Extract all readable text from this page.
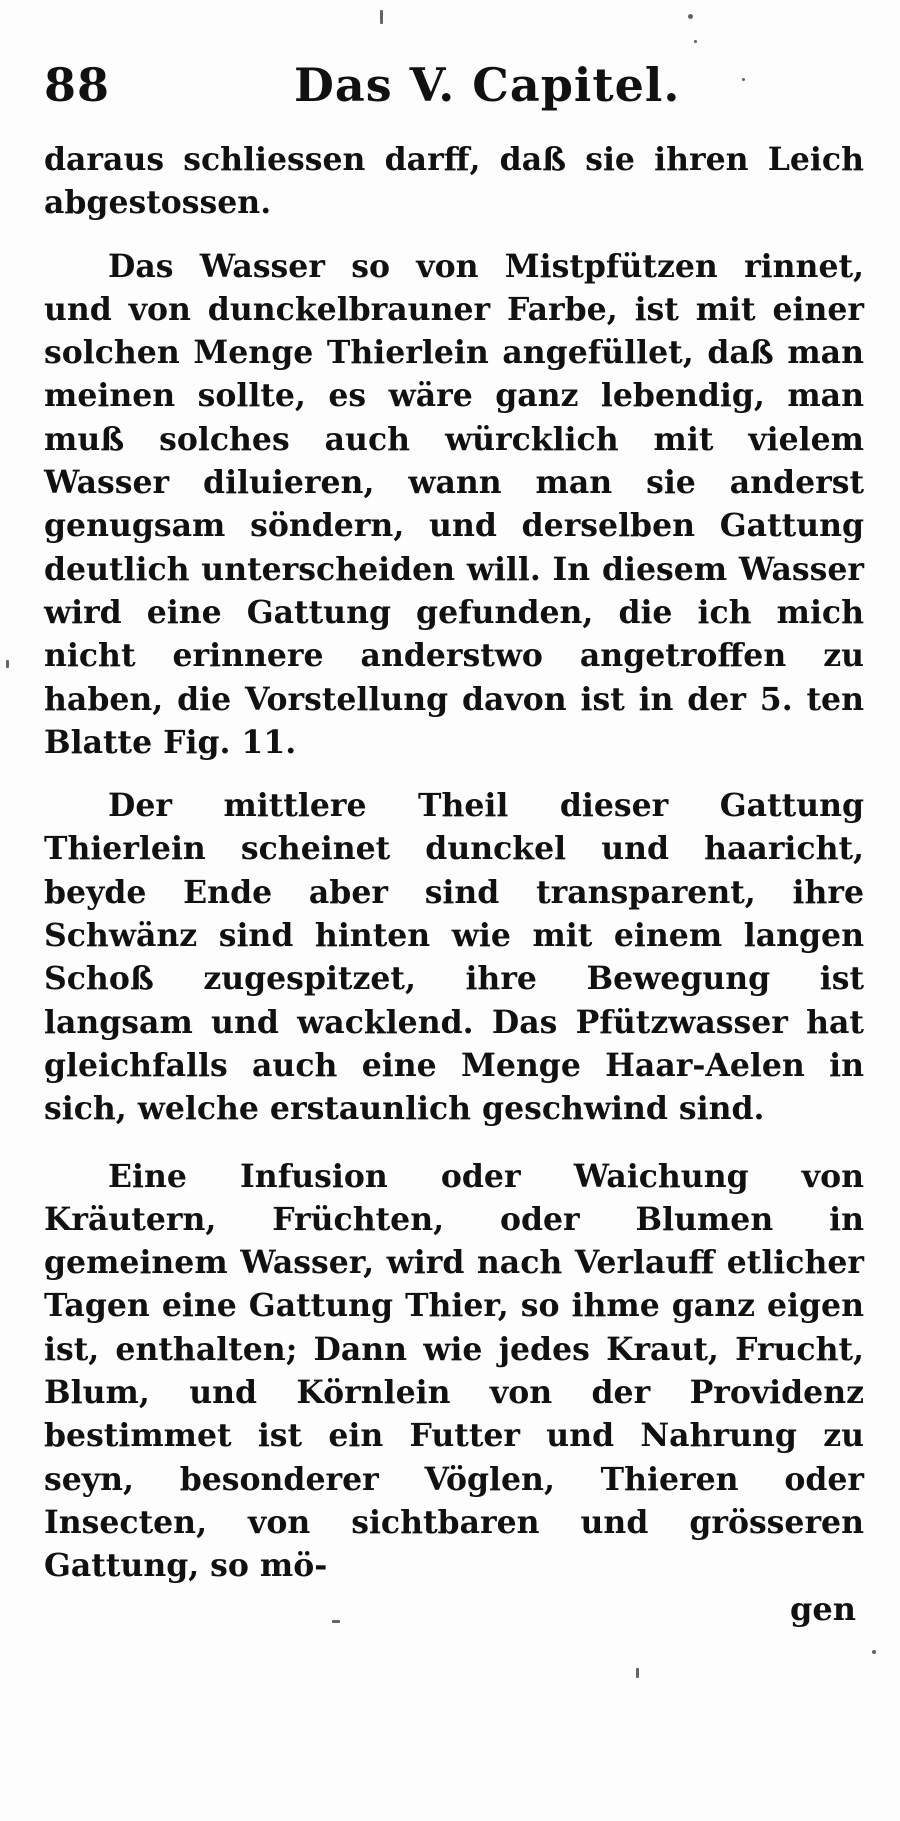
88	Das V. Capitel.

daraus schliessen darff, daß sie ihren Leich abgestossen.

Das Wasser so von Mistpfützen rinnet, und von dunckelbrauner Farbe, ist mit einer solchen Menge Thierlein angefüllet, daß man meinen sollte, es wäre ganz lebendig, man muß solches auch würcklich mit vielem Wasser diluieren, wann man sie anderst genugsam söndern, und derselben Gattung deutlich unterscheiden will. In diesem Wasser wird eine Gattung gefunden, die ich mich nicht erinnere anderstwo angetroffen zu haben, die Vorstellung davon ist in der 5. ten Blatte Fig. 11.

Der mittlere Theil dieser Gattung Thierlein scheinet dunckel und haaricht, beyde Ende aber sind transparent, ihre Schwänz sind hinten wie mit einem langen Schoß zugespitzet, ihre Bewegung ist langsam und wacklend. Das Pfützwasser hat gleichfalls auch eine Menge Haar-Aelen in sich, welche erstaunlich geschwind sind.

Eine Infusion oder Waichung von Kräutern, Früchten, oder Blumen in gemeinem Wasser, wird nach Verlauff etlicher Tagen eine Gattung Thier, so ihme ganz eigen ist, enthalten; Dann wie jedes Kraut, Frucht, Blum, und Körnlein von der Providenz bestimmet ist ein Futter und Nahrung zu seyn, besonderer Vöglen, Thieren oder Insecten, von sichtbaren und grösseren Gattung, so mö-

gen
